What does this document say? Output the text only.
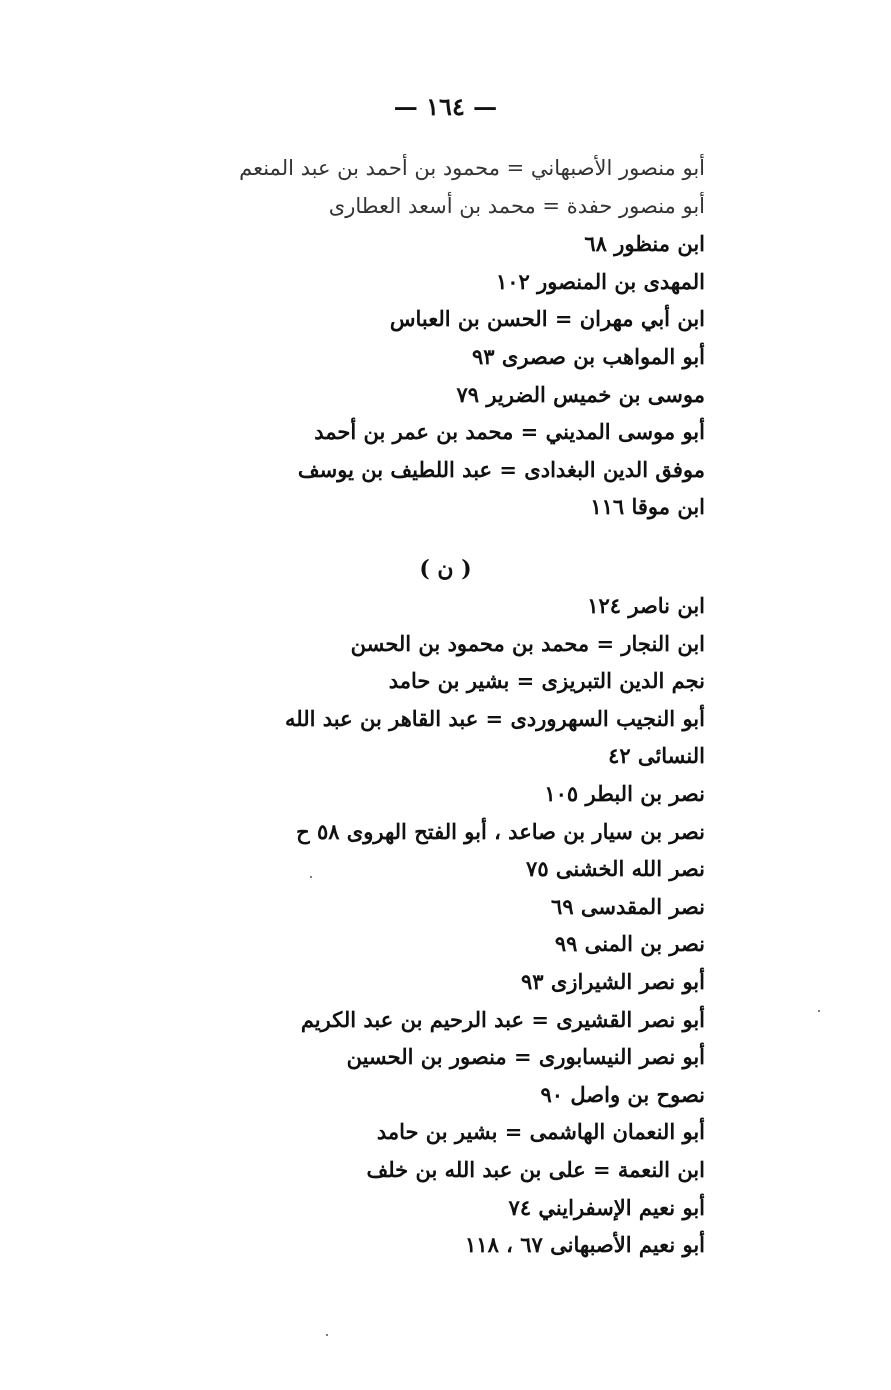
— ١٦٤ —
أبو منصور الأصبهاني = محمود بن أحمد بن عبد المنعم
أبو منصور حفدة = محمد بن أسعد العطارى
ابن منظور ٦٨
المهدى بن المنصور ١٠٢
ابن أبي مهران = الحسن بن العباس
أبو المواهب بن صصرى ٩٣
موسى بن خميس الضرير ٧٩
أبو موسى المديني = محمد بن عمر بن أحمد
موفق الدين البغدادى = عبد اللطيف بن يوسف
ابن موقا ١١٦
( ن )
ابن ناصر ١٢٤
ابن النجار = محمد بن محمود بن الحسن
نجم الدين التبريزى = بشير بن حامد
أبو النجيب السهروردى = عبد القاهر بن عبد الله
النسائى ٤٢
نصر بن البطر ١٠٥
نصر بن سيار بن صاعد ، أبو الفتح الهروى ٥٨ ح
نصر الله الخشنى ٧٥
نصر المقدسى ٦٩
نصر بن المنى ٩٩
أبو نصر الشيرازى ٩٣
أبو نصر القشيرى = عبد الرحيم بن عبد الكريم
أبو نصر النيسابورى = منصور بن الحسين
نصوح بن واصل ٩٠
أبو النعمان الهاشمى = بشير بن حامد
ابن النعمة = على بن عبد الله بن خلف
أبو نعيم الإسفرايني ٧٤
أبو نعيم الأصبهانى ٦٧ ، ١١٨
